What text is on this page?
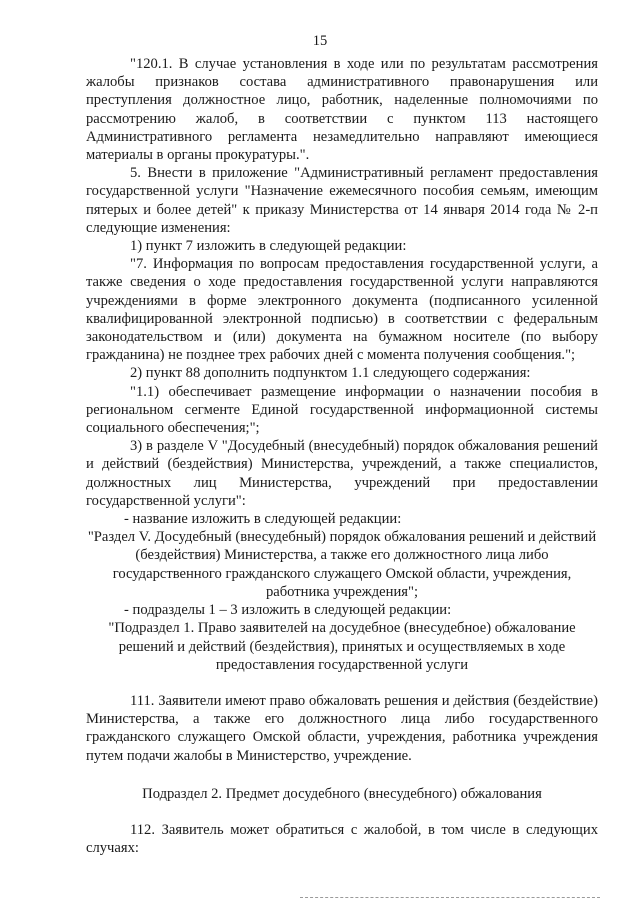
15

"120.1. В случае установления в ходе или по результатам рассмотрения жалобы признаков состава административного правонарушения или преступления должностное лицо, работник, наделенные полномочиями по рассмотрению жалоб, в соответствии с пунктом 113 настоящего Административного регламента незамедлительно направляют имеющиеся материалы в органы прокуратуры.".

5. Внести в приложение "Административный регламент предоставления государственной услуги "Назначение ежемесячного пособия семьям, имеющим пятерых и более детей" к приказу Министерства от 14 января 2014 года № 2-п следующие изменения:

1) пункт 7 изложить в следующей редакции:

"7. Информация по вопросам предоставления государственной услуги, а также сведения о ходе предоставления государственной услуги направляются учреждениями в форме электронного документа (подписанного усиленной квалифицированной электронной подписью) в соответствии с федеральным законодательством и (или) документа на бумажном носителе (по выбору гражданина) не позднее трех рабочих дней с момента получения сообщения.";

2) пункт 88 дополнить подпунктом 1.1 следующего содержания:

"1.1) обеспечивает размещение информации о назначении пособия в региональном сегменте Единой государственной информационной системы социального обеспечения;";

3) в разделе V "Досудебный (внесудебный) порядок обжалования решений и действий (бездействия) Министерства, учреждений, а также специалистов, должностных лиц Министерства, учреждений при предоставлении государственной услуги":

- название изложить в следующей редакции:

"Раздел V. Досудебный (внесудебный) порядок обжалования решений и действий (бездействия) Министерства, а также его должностного лица либо государственного гражданского служащего Омской области, учреждения, работника учреждения";

- подразделы 1 – 3 изложить в следующей редакции:

"Подраздел 1. Право заявителей на досудебное (внесудебное) обжалование решений и действий (бездействия), принятых и осуществляемых в ходе предоставления государственной услуги

111. Заявители имеют право обжаловать решения и действия (бездействие) Министерства, а также его должностного лица либо государственного гражданского служащего Омской области, учреждения, работника учреждения путем подачи жалобы в Министерство, учреждение.

Подраздел 2. Предмет досудебного (внесудебного) обжалования

112. Заявитель может обратиться с жалобой, в том числе в следующих случаях:
